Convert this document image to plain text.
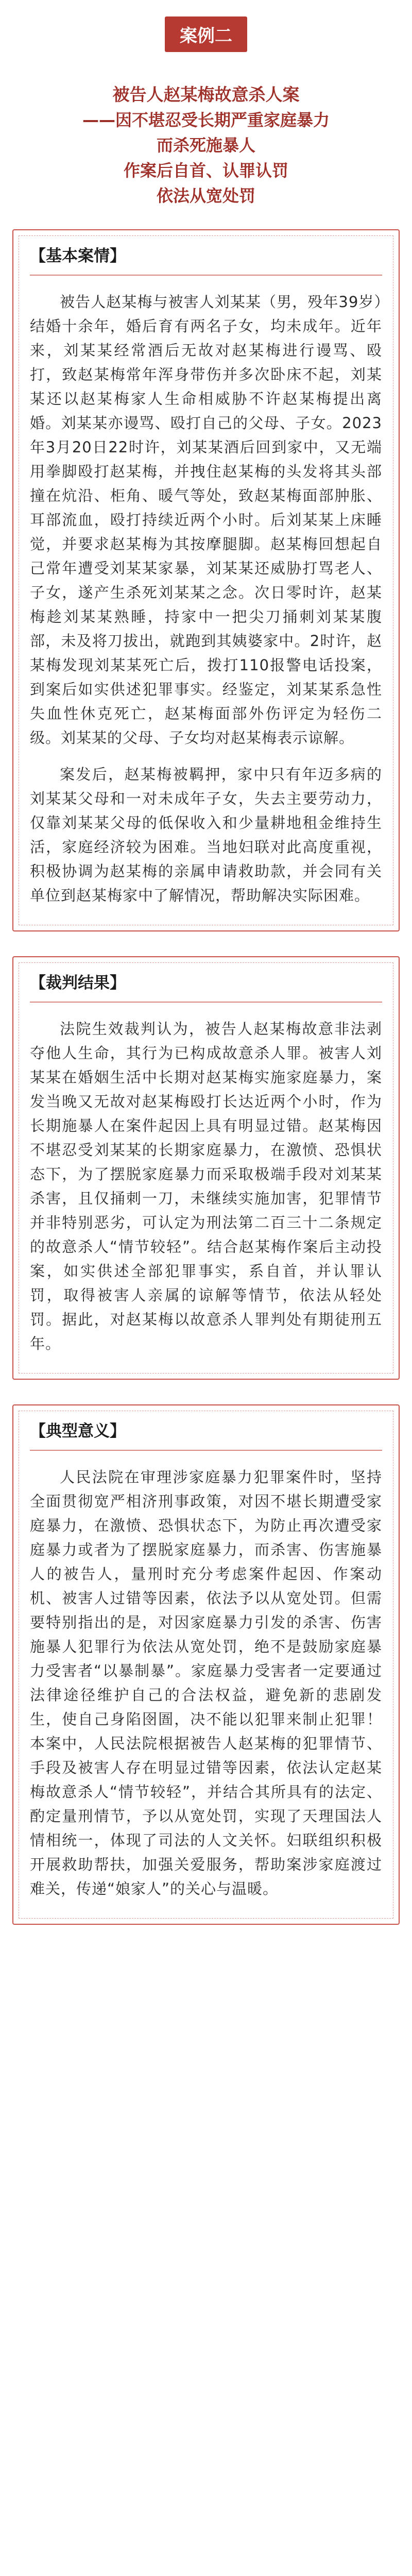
案例二
被告人赵某梅故意杀人案
——因不堪忍受长期严重家庭暴力
而杀死施暴人
作案后自首、认罪认罚
依法从宽处罚
【基本案情】

被告人赵某梅与被害人刘某某（男，殁年39岁）结婚十余年，婚后育有两名子女，均未成年。近年来，刘某某经常酒后无故对赵某梅进行谩骂、殴打，致赵某梅常年浑身带伤并多次卧床不起，刘某某还以赵某梅家人生命相威胁不许赵某梅提出离婚。刘某某亦谩骂、殴打自己的父母、子女。2023年3月20日22时许，刘某某酒后回到家中，又无端用拳脚殴打赵某梅，并拽住赵某梅的头发将其头部撞在炕沿、柜角、暖气等处，致赵某梅面部肿胀、耳部流血，殴打持续近两个小时。后刘某某上床睡觉，并要求赵某梅为其按摩腿脚。赵某梅回想起自己常年遭受刘某某家暴，刘某某还威胁打骂老人、子女，遂产生杀死刘某某之念。次日零时许，赵某梅趁刘某某熟睡，持家中一把尖刀捅刺刘某某腹部，未及将刀拔出，就跑到其姨婆家中。2时许，赵某梅发现刘某某死亡后，拨打110报警电话投案，到案后如实供述犯罪事实。经鉴定，刘某某系急性失血性休克死亡，赵某梅面部外伤评定为轻伤二级。刘某某的父母、子女均对赵某梅表示谅解。

案发后，赵某梅被羁押，家中只有年迈多病的刘某某父母和一对未成年子女，失去主要劳动力，仅靠刘某某父母的低保收入和少量耕地租金维持生活，家庭经济较为困难。当地妇联对此高度重视，积极协调为赵某梅的亲属申请救助款，并会同有关单位到赵某梅家中了解情况，帮助解决实际困难。

【裁判结果】

法院生效裁判认为，被告人赵某梅故意非法剥夺他人生命，其行为已构成故意杀人罪。被害人刘某某在婚姻生活中长期对赵某梅实施家庭暴力，案发当晚又无故对赵某梅殴打长达近两个小时，作为长期施暴人在案件起因上具有明显过错。赵某梅因不堪忍受刘某某的长期家庭暴力，在激愤、恐惧状态下，为了摆脱家庭暴力而采取极端手段对刘某某杀害，且仅捅刺一刀，未继续实施加害，犯罪情节并非特别恶劣，可认定为刑法第二百三十二条规定的故意杀人“情节较轻”。结合赵某梅作案后主动投案，如实供述全部犯罪事实，系自首，并认罪认罚，取得被害人亲属的谅解等情节，依法从轻处罚。据此，对赵某梅以故意杀人罪判处有期徒刑五年。

【典型意义】

人民法院在审理涉家庭暴力犯罪案件时，坚持全面贯彻宽严相济刑事政策，对因不堪长期遭受家庭暴力，在激愤、恐惧状态下，为防止再次遭受家庭暴力或者为了摆脱家庭暴力，而杀害、伤害施暴人的被告人，量刑时充分考虑案件起因、作案动机、被害人过错等因素，依法予以从宽处罚。但需要特别指出的是，对因家庭暴力引发的杀害、伤害施暴人犯罪行为依法从宽处罚，绝不是鼓励家庭暴力受害者“以暴制暴”。家庭暴力受害者一定要通过法律途径维护自己的合法权益，避免新的悲剧发生，使自己身陷囹圄，决不能以犯罪来制止犯罪！本案中，人民法院根据被告人赵某梅的犯罪情节、手段及被害人存在明显过错等因素，依法认定赵某梅故意杀人“情节较轻”，并结合其所具有的法定、酌定量刑情节，予以从宽处罚，实现了天理国法人情相统一，体现了司法的人文关怀。妇联组织积极开展救助帮扶，加强关爱服务，帮助案涉家庭渡过难关，传递“娘家人”的关心与温暖。
